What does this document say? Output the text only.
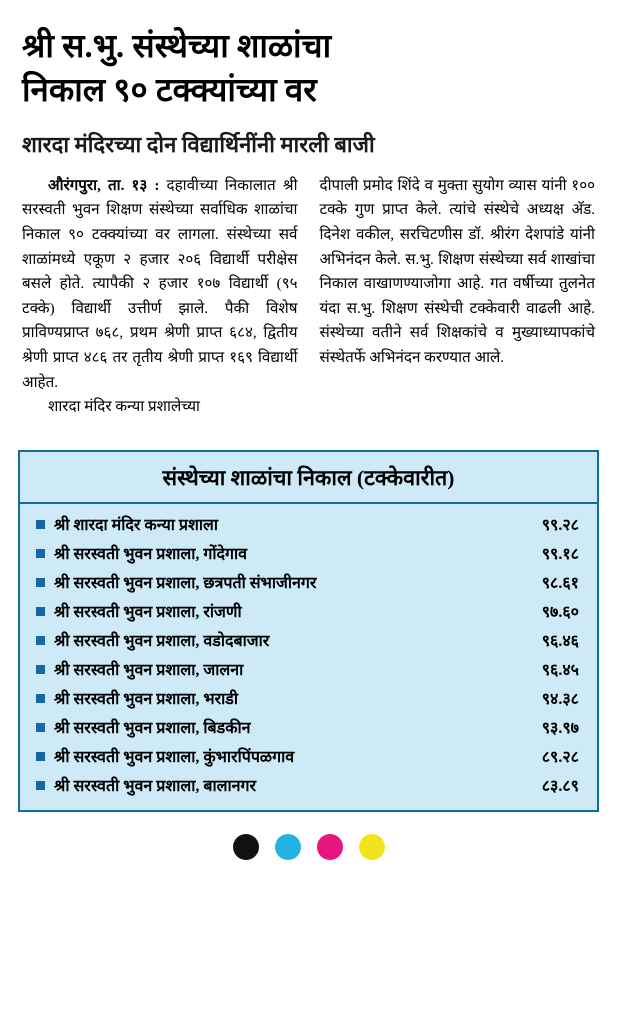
श्री स.भु. संस्थेच्या शाळांचा
निकाल ९० टक्क्यांच्या वर
शारदा मंदिरच्या दोन विद्यार्थिनींनी मारली बाजी

औरंगपुरा, ता. १३ : दहावीच्या निकालात श्री सरस्वती भुवन शिक्षण संस्थेच्या सर्वाधिक शाळांचा निकाल ९० टक्क्यांच्या वर लागला. संस्थेच्या सर्व शाळांमध्ये एकूण २ हजार २०६ विद्यार्थी परीक्षेस बसले होते. त्यापैकी २ हजार १०७ विद्यार्थी (९५ टक्के) विद्यार्थी उत्तीर्ण झाले. पैकी विशेष प्राविण्यप्राप्त ७६८, प्रथम श्रेणी प्राप्त ६८४, द्वितीय श्रेणी प्राप्त ४८६ तर तृतीय श्रेणी प्राप्त १६९ विद्यार्थी आहेत.

शारदा मंदिर कन्या प्रशालेच्या

दीपाली प्रमोद शिंदे व मुक्ता सुयोग व्यास यांनी १०० टक्के गुण प्राप्त केले. त्यांचे संस्थेचे अध्यक्ष अ‍ॅड. दिनेश वकील, सरचिटणीस डॉ. श्रीरंग देशपांडे यांनी अभिनंदन केले. स.भु. शिक्षण संस्थेच्या सर्व शाखांचा निकाल वाखाणण्याजोगा आहे. गत वर्षीच्या तुलनेत यंदा स.भु. शिक्षण संस्थेची टक्केवारी वाढली आहे. संस्थेच्या वतीने सर्व शिक्षकांचे व मुख्याध्यापकांचे संस्थेतर्फे अभिनंदन करण्यात आले.

संस्थेच्या शाळांचा निकाल (टक्केवारीत)
श्री शारदा मंदिर कन्या प्रशाला	९९.२८
श्री सरस्वती भुवन प्रशाला, गोंदेगाव	९९.१८
श्री सरस्वती भुवन प्रशाला, छत्रपती संभाजीनगर	९८.६१
श्री सरस्वती भुवन प्रशाला, रांजणी	९७.६०
श्री सरस्वती भुवन प्रशाला, वडोदबाजार	९६.४६
श्री सरस्वती भुवन प्रशाला, जालना	९६.४५
श्री सरस्वती भुवन प्रशाला, भराडी	९४.३८
श्री सरस्वती भुवन प्रशाला, बिडकीन	९३.९७
श्री सरस्वती भुवन प्रशाला, कुंभारपिंपळगाव	८९.२८
श्री सरस्वती भुवन प्रशाला, बालानगर	८३.८९
